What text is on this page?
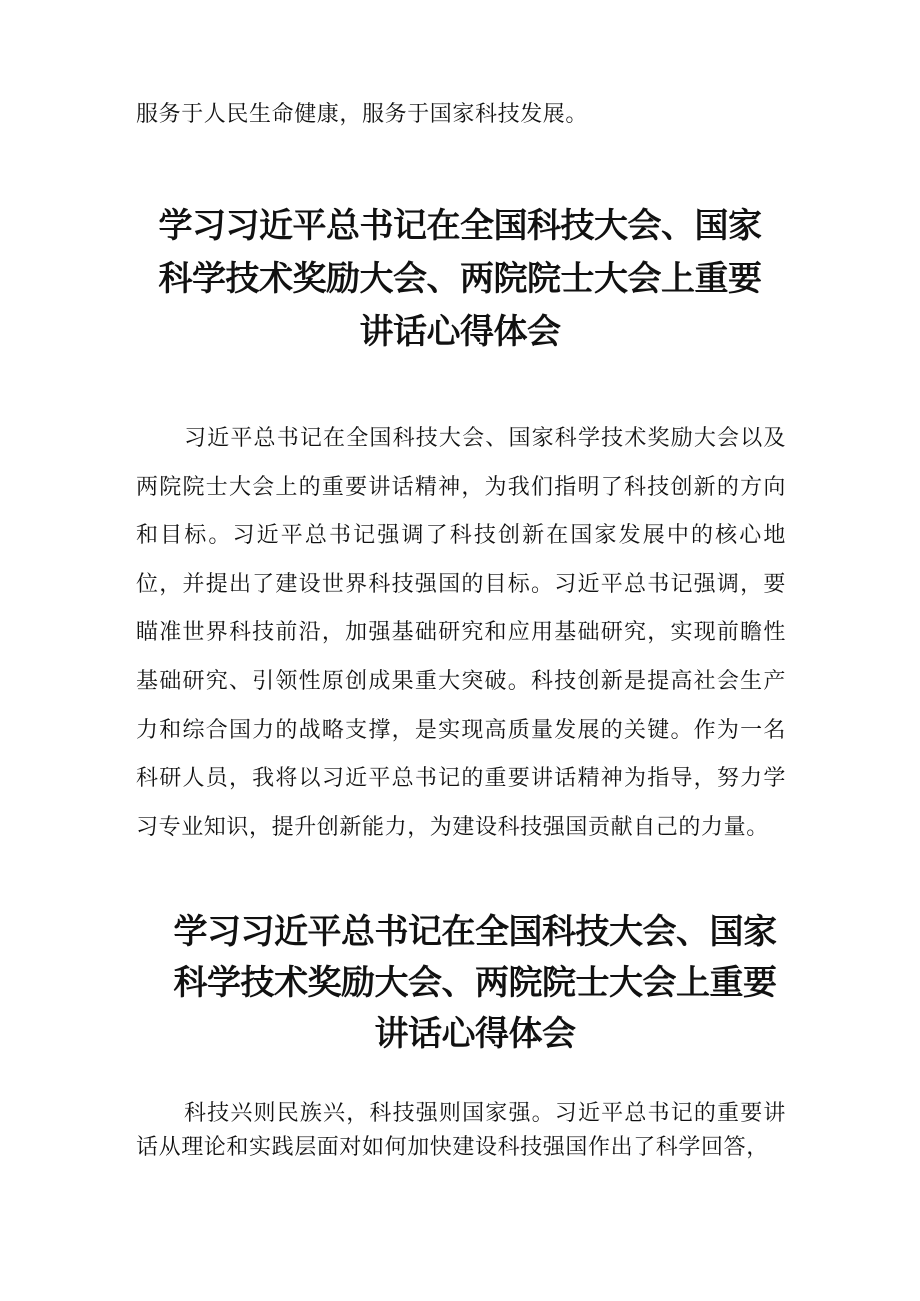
服务于人民生命健康，服务于国家科技发展。

学习习近平总书记在全国科技大会、国家
科学技术奖励大会、两院院士大会上重要
讲话心得体会

习近平总书记在全国科技大会、国家科学技术奖励大会以及两院院士大会上的重要讲话精神，为我们指明了科技创新的方向和目标。习近平总书记强调了科技创新在国家发展中的核心地位，并提出了建设世界科技强国的目标。习近平总书记强调，要瞄准世界科技前沿，加强基础研究和应用基础研究，实现前瞻性基础研究、引领性原创成果重大突破。科技创新是提高社会生产力和综合国力的战略支撑，是实现高质量发展的关键。作为一名科研人员，我将以习近平总书记的重要讲话精神为指导，努力学习专业知识，提升创新能力，为建设科技强国贡献自己的力量。

学习习近平总书记在全国科技大会、国家
科学技术奖励大会、两院院士大会上重要
讲话心得体会

科技兴则民族兴，科技强则国家强。习近平总书记的重要讲话从理论和实践层面对如何加快建设科技强国作出了科学回答，
